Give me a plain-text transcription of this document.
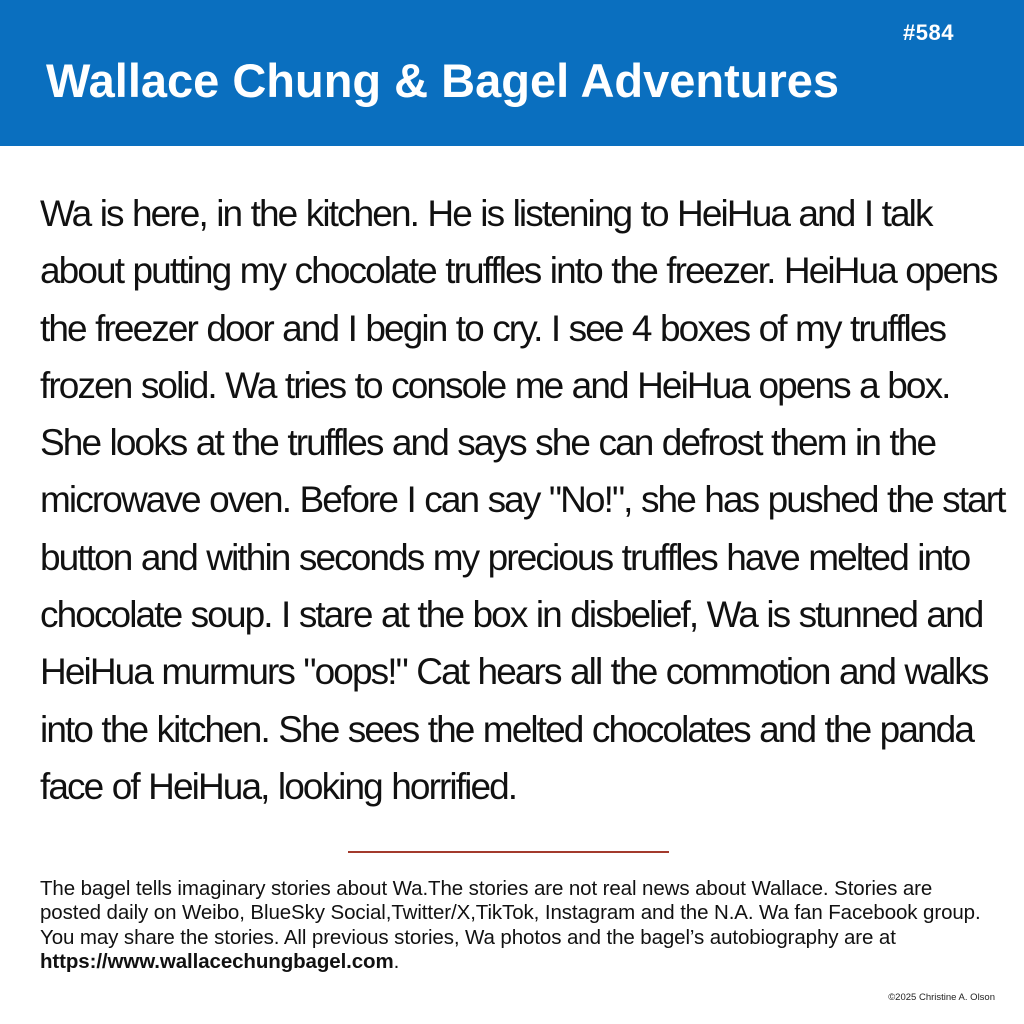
#584
Wallace Chung & Bagel Adventures

Wa is here, in the kitchen. He is listening to HeiHua and I talk about putting my chocolate truffles into the freezer. HeiHua opens the freezer door and I begin to cry. I see 4 boxes of my truffles frozen solid. Wa tries to console me and HeiHua opens a box. She looks at the truffles and says she can defrost them in the microwave oven. Before I can say "No!", she has pushed the start button and within seconds my precious truffles have melted into chocolate soup. I stare at the box in disbelief, Wa is stunned and HeiHua murmurs "oops!" Cat hears all the commotion and walks into the kitchen. She sees the melted chocolates and the panda face of HeiHua, looking horrified.

The bagel tells imaginary stories about Wa.The stories are not real news about Wallace. Stories are posted daily on Weibo, BlueSky Social,Twitter/X,TikTok, Instagram and the N.A. Wa fan Facebook group. You may share the stories. All previous stories, Wa photos and the bagel’s autobiography are at https://www.wallacechungbagel.com.

©2025 Christine A. Olson
